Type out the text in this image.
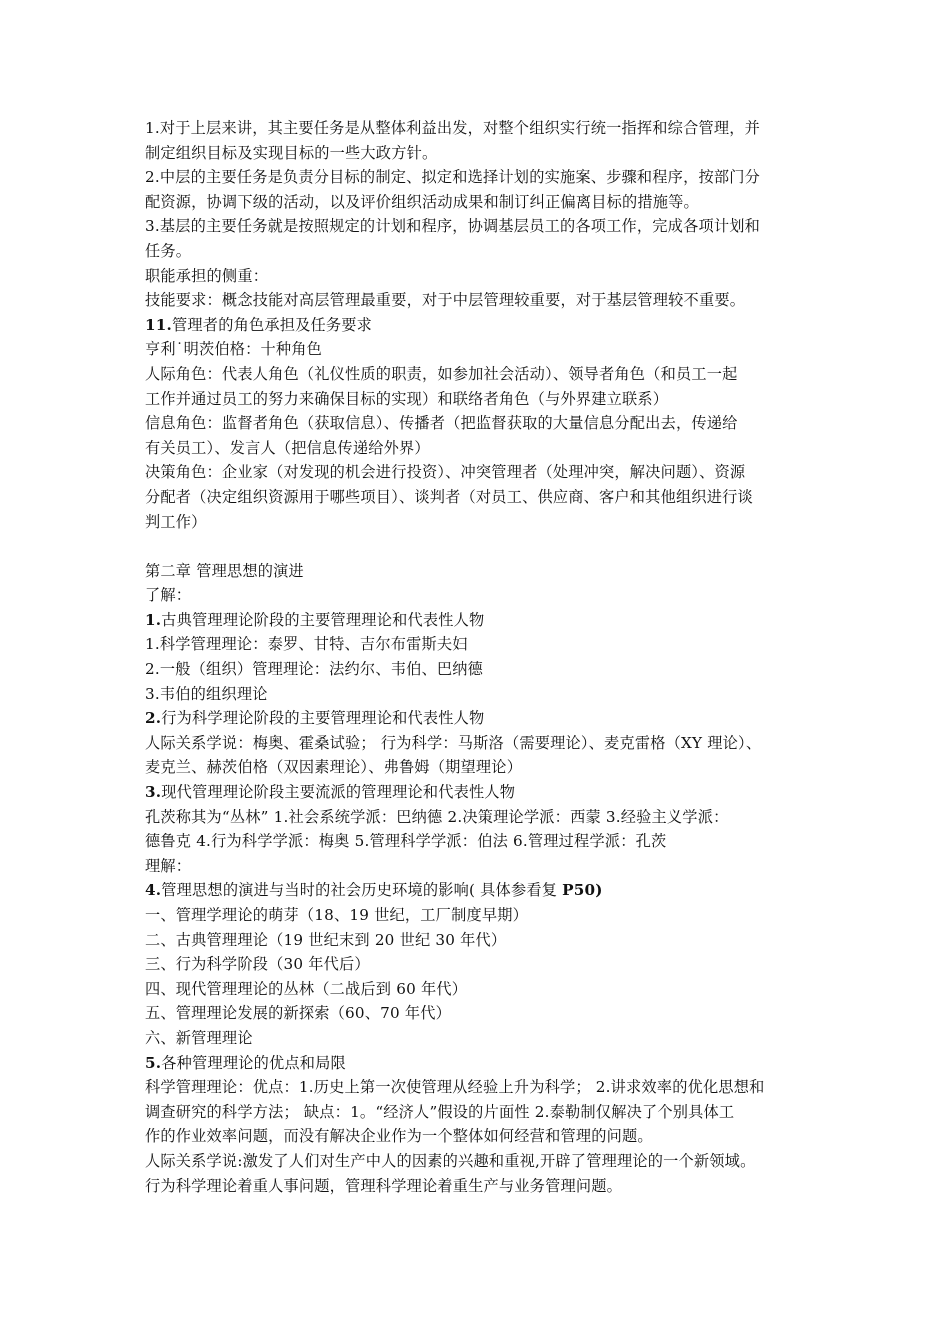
1.对于上层来讲，其主要任务是从整体利益出发，对整个组织实行统一指挥和综合管理，并
制定组织目标及实现目标的一些大政方针。
2.中层的主要任务是负责分目标的制定、拟定和选择计划的实施案、步骤和程序，按部门分
配资源，协调下级的活动，以及评价组织活动成果和制订纠正偏离目标的措施等。
3.基层的主要任务就是按照规定的计划和程序，协调基层员工的各项工作，完成各项计划和
任务。
职能承担的侧重：
技能要求：概念技能对高层管理最重要，对于中层管理较重要，对于基层管理较不重要。
11.管理者的角色承担及任务要求
亨利˙明茨伯格：十种角色
人际角色：代表人角色（礼仪性质的职责，如参加社会活动）、领导者角色（和员工一起
工作并通过员工的努力来确保目标的实现）和联络者角色（与外界建立联系）
信息角色：监督者角色（获取信息）、传播者（把监督获取的大量信息分配出去，传递给
有关员工）、发言人（把信息传递给外界）
决策角色：企业家（对发现的机会进行投资）、冲突管理者（处理冲突，解决问题）、资源
分配者（决定组织资源用于哪些项目）、谈判者（对员工、供应商、客户和其他组织进行谈
判工作）
第二章 管理思想的演进
了解：
1.古典管理理论阶段的主要管理理论和代表性人物
1.科学管理理论：泰罗、甘特、吉尔布雷斯夫妇
2.一般（组织）管理理论：法约尔、韦伯、巴纳德
3.韦伯的组织理论
2.行为科学理论阶段的主要管理理论和代表性人物
人际关系学说：梅奥、霍桑试验； 行为科学：马斯洛（需要理论）、麦克雷格（XY 理论）、
麦克兰、赫茨伯格（双因素理论）、弗鲁姆（期望理论）
3.现代管理理论阶段主要流派的管理理论和代表性人物
孔茨称其为“丛林” 1.社会系统学派：巴纳德 2.决策理论学派：西蒙 3.经验主义学派：
德鲁克 4.行为科学学派：梅奥 5.管理科学学派：伯法 6.管理过程学派：孔茨
理解：
4.管理思想的演进与当时的社会历史环境的影响( 具体参看复 P50)
一、管理学理论的萌芽（18、19 世纪，工厂制度早期）
二、古典管理理论（19 世纪末到 20 世纪 30 年代）
三、行为科学阶段（30 年代后）
四、现代管理理论的丛林（二战后到 60 年代）
五、管理理论发展的新探索（60、70 年代）
六、新管理理论
5.各种管理理论的优点和局限
科学管理理论：优点：1.历史上第一次使管理从经验上升为科学； 2.讲求效率的优化思想和
调查研究的科学方法； 缺点：1。“经济人”假设的片面性 2.泰勒制仅解决了个别具体工
作的作业效率问题，而没有解决企业作为一个整体如何经营和管理的问题。
人际关系学说:激发了人们对生产中人的因素的兴趣和重视,开辟了管理理论的一个新领域。
行为科学理论着重人事问题，管理科学理论着重生产与业务管理问题。
